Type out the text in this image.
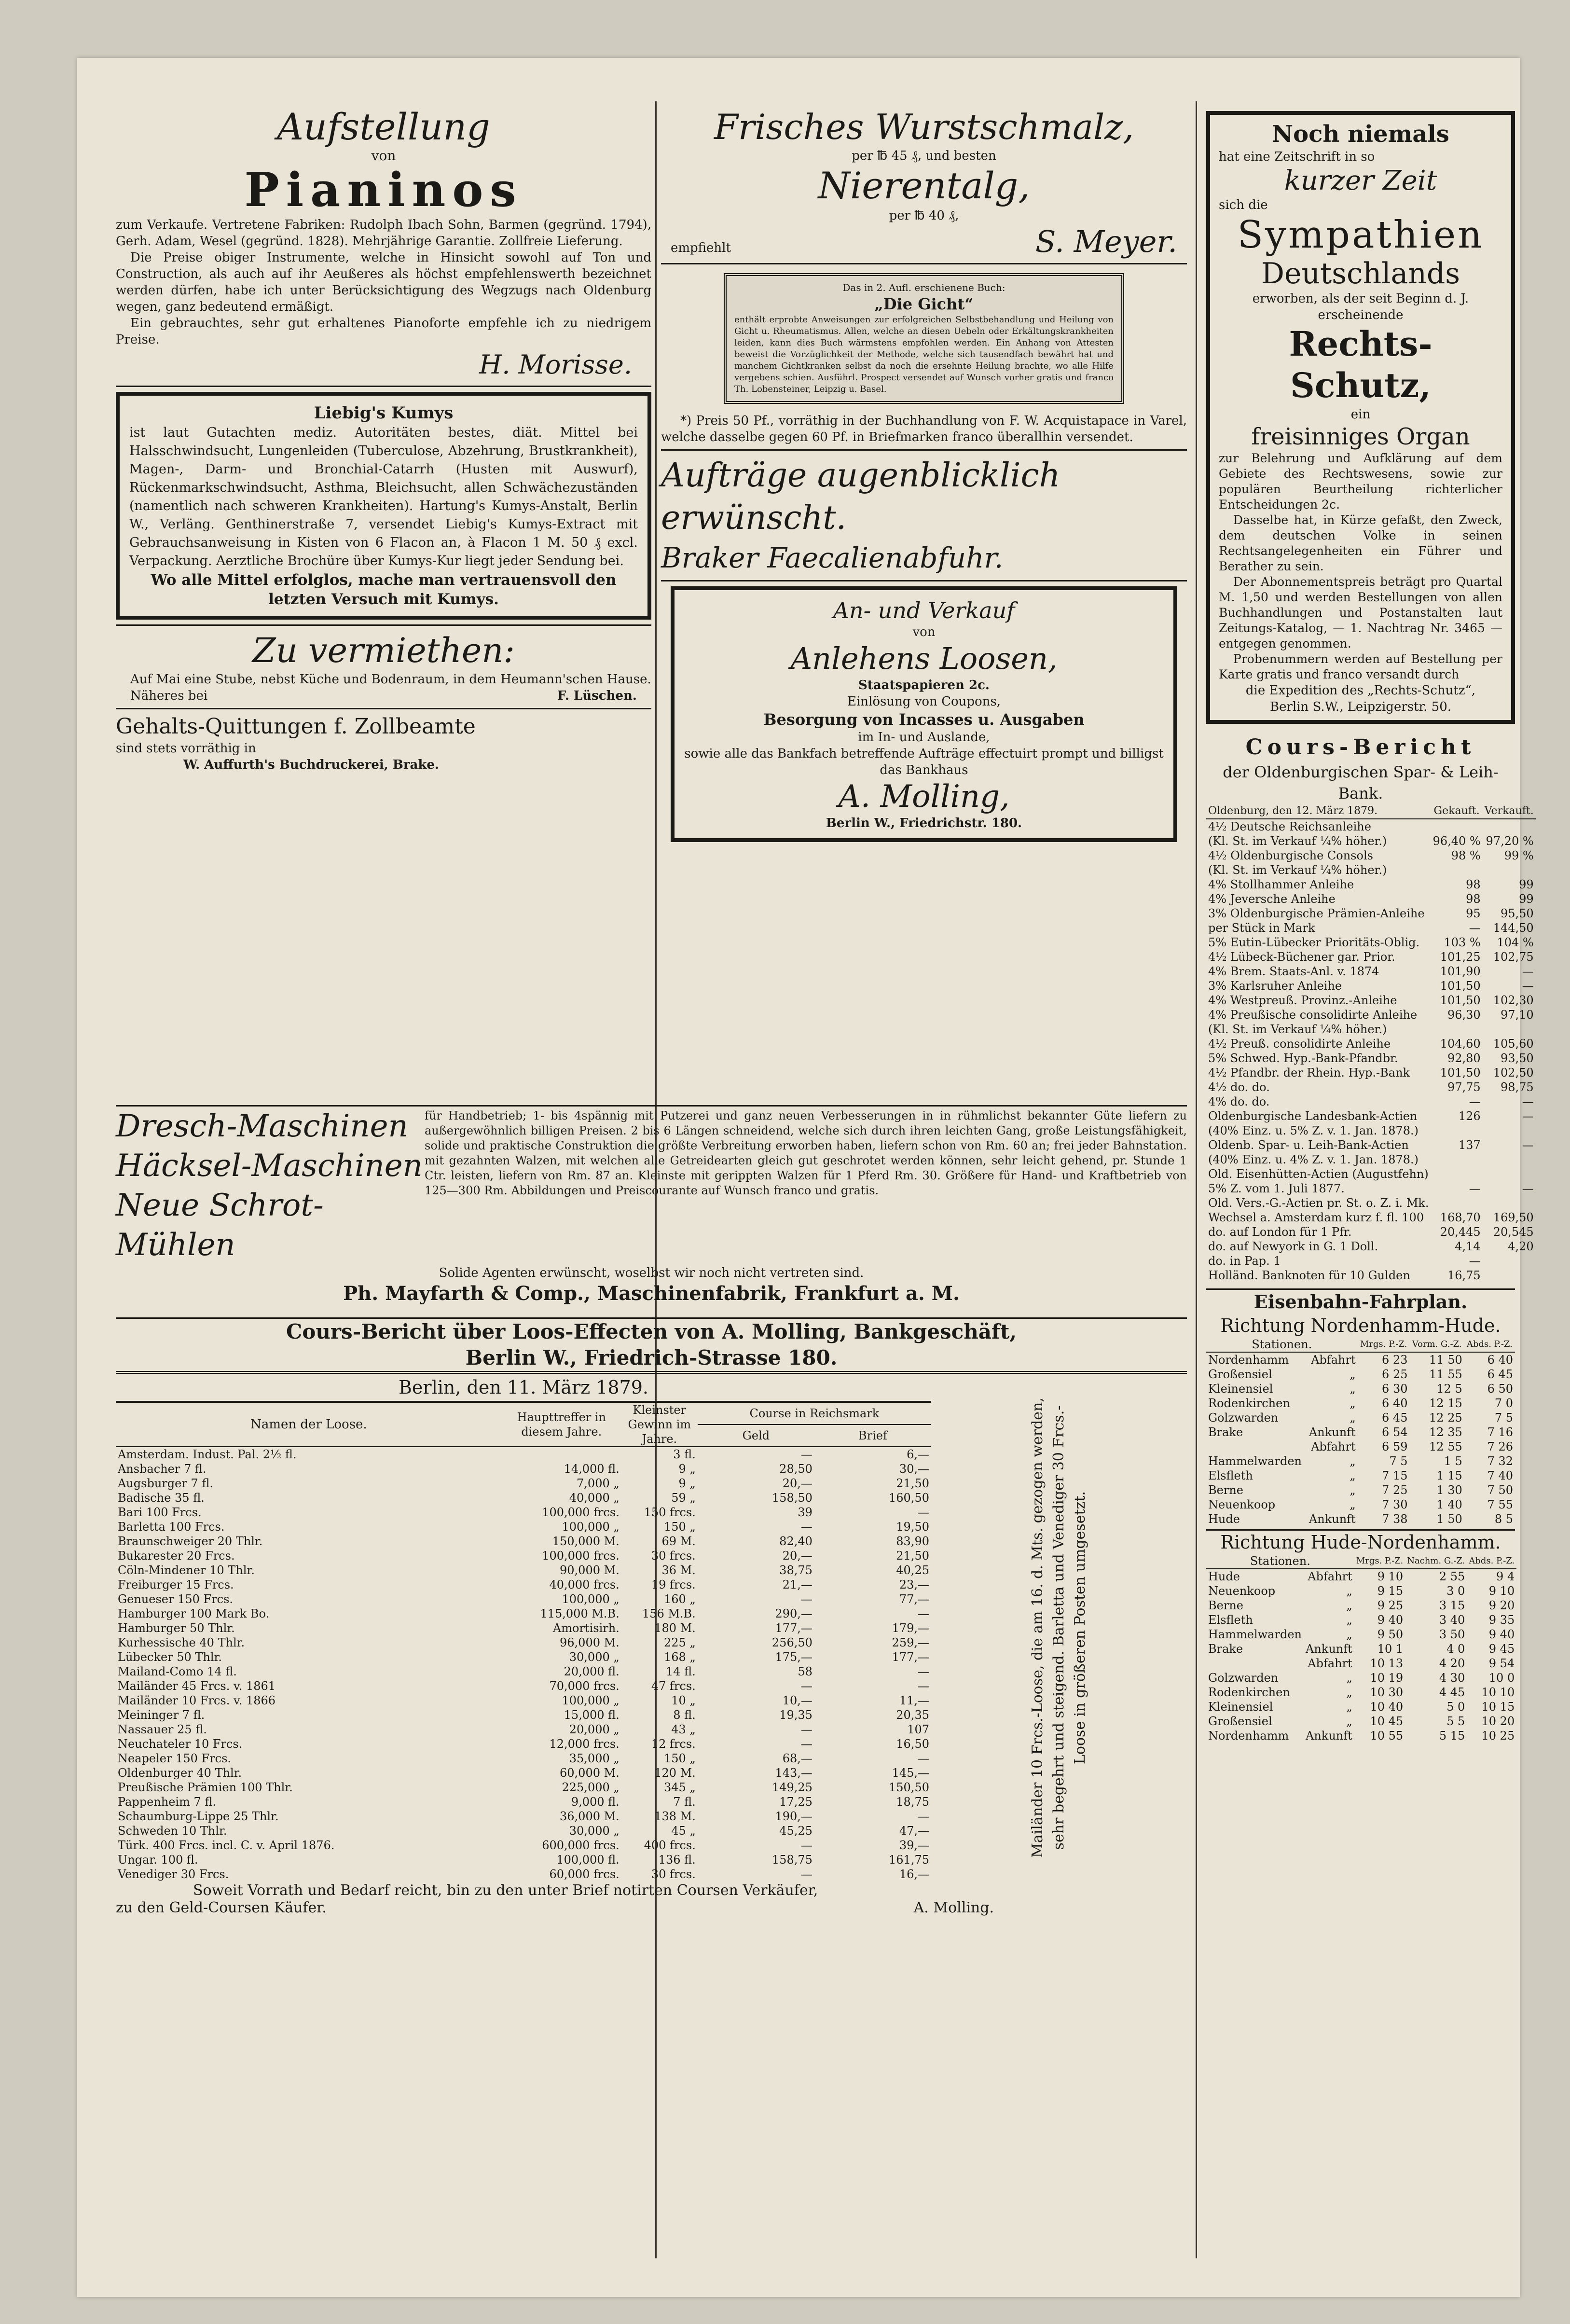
Aufstellung
von
Pianinos

zum Verkaufe. Vertretene Fabriken: Rudolph Ibach Sohn, Barmen (gegründ. 1794), Gerh. Adam, Wesel (gegründ. 1828). Mehrjährige Garantie. Zollfreie Lieferung.

Die Preise obiger Instrumente, welche in Hinsicht sowohl auf Ton und Construction, als auch auf ihr Aeußeres als höchst empfehlenswerth bezeichnet werden dürfen, habe ich unter Berücksichtigung des Wegzugs nach Oldenburg wegen, ganz bedeutend ermäßigt.

Ein gebrauchtes, sehr gut erhaltenes Pianoforte empfehle ich zu niedrigem Preise.

H. Morisse.
Liebig's Kumys

ist laut Gutachten mediz. Autoritäten bestes, diät. Mittel bei Halsschwindsucht, Lungenleiden (Tuberculose, Abzehrung, Brustkrankheit), Magen-, Darm- und Bronchial-Catarrh (Husten mit Auswurf), Rückenmarkschwindsucht, Asthma, Bleichsucht, allen Schwächezuständen (namentlich nach schweren Krankheiten). Hartung's Kumys-Anstalt, Berlin W., Verläng. Genthinerstraße 7, versendet Liebig's Kumys-Extract mit Gebrauchsanweisung in Kisten von 6 Flacon an, à Flacon 1 M. 50 ₰ excl. Verpackung. Aerztliche Brochüre über Kumys-Kur liegt jeder Sendung bei.

Wo alle Mittel erfolglos, mache man vertrauensvoll den letzten Versuch mit Kumys.

Zu vermiethen:

Auf Mai eine Stube, nebst Küche und Bodenraum, in dem Heumann'schen Hause.

Näheres bei	F. Lüschen.
Gehalts-Quittungen f. Zollbeamte

sind stets vorräthig in

W. Auffurth's Buchdruckerei, Brake.

Frisches Wurstschmalz,
per ℔ 45 ₰, und besten
Nierentalg,
per ℔ 40 ₰,
empfiehlt	S. Meyer.
Das in 2. Aufl. erschienene Buch:
„Die Gicht“

enthält erprobte Anweisungen zur erfolgreichen Selbstbehandlung und Heilung von Gicht u. Rheumatismus. Allen, welche an diesen Uebeln oder Erkältungskrankheiten leiden, kann dies Buch wärmstens empfohlen werden. Ein Anhang von Attesten beweist die Vorzüglichkeit der Methode, welche sich tausendfach bewährt hat und manchem Gichtkranken selbst da noch die ersehnte Heilung brachte, wo alle Hilfe vergebens schien. Ausführl. Prospect versendet auf Wunsch vorher gratis und franco Th. Lobensteiner, Leipzig u. Basel.

*) Preis 50 Pf., vorräthig in der Buchhandlung von F. W. Acquistapace in Varel, welche dasselbe gegen 60 Pf. in Briefmarken franco überallhin versendet.

Aufträge augenblicklich erwünscht.
Braker Faecalienabfuhr.
An- und Verkauf
von
Anlehens Loosen,
Staatspapieren 2c.
Einlösung von Coupons,
Besorgung von Incasses u. Ausgaben
im In- und Auslande,

sowie alle das Bankfach betreffende Aufträge effectuirt prompt und billigst das Bankhaus

A. Molling,
Berlin W., Friedrichstr. 180.
Noch niemals
hat eine Zeitschrift in so
kurzer Zeit
sich die
Sympathien
Deutschlands
erworben, als der seit Beginn d. J. erscheinende
Rechts-Schutz,
ein
freisinniges Organ

zur Belehrung und Aufklärung auf dem Gebiete des Rechtswesens, sowie zur populären Beurtheilung richterlicher Entscheidungen 2c.

Dasselbe hat, in Kürze gefaßt, den Zweck, dem deutschen Volke in seinen Rechtsangelegenheiten ein Führer und Berather zu sein.

Der Abonnementspreis beträgt pro Quartal M. 1,50 und werden Bestellungen von allen Buchhandlungen und Postanstalten laut Zeitungs-Katalog, — 1. Nachtrag Nr. 3465 — entgegen genommen.

Probenummern werden auf Bestellung per Karte gratis und franco versandt durch

die Expedition des „Rechts-Schutz“,
Berlin S.W., Leipzigerstr. 50.
Cours-Bericht
der Oldenburgischen Spar- & Leih-Bank.
Oldenburg, den 12. März 1879.	Gekauft.	Verkauft.
4½ Deutsche Reichsanleihe		
(Kl. St. im Verkauf ¼% höher.)	96,40 %	97,20 %
4½ Oldenburgische Consols	98 %	99 %
(Kl. St. im Verkauf ¼% höher.)		
4% Stollhammer Anleihe	98	99
4% Jeversche Anleihe	98	99
3% Oldenburgische Prämien-Anleihe	95	95,50
per Stück in Mark	—	144,50
5% Eutin-Lübecker Prioritäts-Oblig.	103 %	104 %
4½ Lübeck-Büchener gar. Prior.	101,25	102,75
4% Brem. Staats-Anl. v. 1874	101,90	—
3% Karlsruher Anleihe	101,50	—
4% Westpreuß. Provinz.-Anleihe	101,50	102,30
4% Preußische consolidirte Anleihe	96,30	97,10
(Kl. St. im Verkauf ¼% höher.)		
4½ Preuß. consolidirte Anleihe	104,60	105,60
5% Schwed. Hyp.-Bank-Pfandbr.	92,80	93,50
4½ Pfandbr. der Rhein. Hyp.-Bank	101,50	102,50
4½ do. do.	97,75	98,75
4% do. do.	—	—
Oldenburgische Landesbank-Actien	126	—
(40% Einz. u. 5% Z. v. 1. Jan. 1878.)		
Oldenb. Spar- u. Leih-Bank-Actien	137	—
(40% Einz. u. 4% Z. v. 1. Jan. 1878.)		
Old. Eisenhütten-Actien (Augustfehn)		
5% Z. vom 1. Juli 1877.	—	—
Old. Vers.-G.-Actien pr. St. o. Z. i. Mk.		
Wechsel a. Amsterdam kurz f. fl. 100	168,70	169,50
do. auf London für 1 Pfr.	20,445	20,545
do. auf Newyork in G. 1 Doll.	4,14	4,20
do. in Pap. 1	—	
Holländ. Banknoten für 10 Gulden	16,75	
Eisenbahn-Fahrplan.
Richtung Nordenhamm-Hude.
Stationen.		Mrgs. P.-Z.	Vorm. G.-Z.	Abds. P.-Z.
Nordenhamm	Abfahrt	6 23	11 50	6 40
Großensiel	„	6 25	11 55	6 45
Kleinensiel	„	6 30	12 5	6 50
Rodenkirchen	„	6 40	12 15	7 0
Golzwarden	„	6 45	12 25	7 5
Brake	Ankunft	6 54	12 35	7 16
	Abfahrt	6 59	12 55	7 26
Hammelwarden	„	7 5	1 5	7 32
Elsfleth	„	7 15	1 15	7 40
Berne	„	7 25	1 30	7 50
Neuenkoop	„	7 30	1 40	7 55
Hude	Ankunft	7 38	1 50	8 5
Richtung Hude-Nordenhamm.
Stationen.		Mrgs. P.-Z.	Nachm. G.-Z.	Abds. P.-Z.
Hude	Abfahrt	9 10	2 55	9 4
Neuenkoop	„	9 15	3 0	9 10
Berne	„	9 25	3 15	9 20
Elsfleth	„	9 40	3 40	9 35
Hammelwarden	„	9 50	3 50	9 40
Brake	Ankunft	10 1	4 0	9 45
	Abfahrt	10 13	4 20	9 54
Golzwarden	„	10 19	4 30	10 0
Rodenkirchen	„	10 30	4 45	10 10
Kleinensiel	„	10 40	5 0	10 15
Großensiel	„	10 45	5 5	10 20
Nordenhamm	Ankunft	10 55	5 15	10 25
Dresch-Maschinen
Häcksel-Maschinen
Neue Schrot-Mühlen

für Handbetrieb; 1- bis 4spännig mit Putzerei und ganz neuen Verbesserungen in in rühmlichst bekannter Güte liefern zu außergewöhnlich billigen Preisen. 2 bis 6 Längen schneidend, welche sich durch ihren leichten Gang, große Leistungsfähigkeit, solide und praktische Construktion die größte Verbreitung erworben haben, liefern schon von Rm. 60 an; frei jeder Bahnstation. mit gezahnten Walzen, mit welchen alle Getreidearten gleich gut geschrotet werden können, sehr leicht gehend, pr. Stunde 1 Ctr. leisten, liefern von Rm. 87 an. Kleinste mit gerippten Walzen für 1 Pferd Rm. 30. Größere für Hand- und Kraftbetrieb von 125—300 Rm. Abbildungen und Preiscourante auf Wunsch franco und gratis.

Solide Agenten erwünscht, woselbst wir noch nicht vertreten sind.
Ph. Mayfarth & Comp., Maschinenfabrik, Frankfurt a. M.
Cours-Bericht über Loos-Effecten von A. Molling, Bankgeschäft,
Berlin W., Friedrich-Strasse 180.
Berlin, den 11. März 1879.
Namen der Loose.	Haupttreffer in diesem Jahre.	Kleinster Gewinn im Jahre.	Course in Reichsmark	
			Geld	Brief
Amsterdam. Indust. Pal. 2½ fl.		3 fl.	—	6,—
Ansbacher 7 fl.	14,000 fl.	9 „	28,50	30,—
Augsburger 7 fl.	7,000 „	9 „	20,—	21,50
Badische 35 fl.	40,000 „	59 „	158,50	160,50
Bari 100 Frcs.	100,000 frcs.	150 frcs.	39	—
Barletta 100 Frcs.	100,000 „	150 „	—	19,50
Braunschweiger 20 Thlr.	150,000 M.	69 M.	82,40	83,90
Bukarester 20 Frcs.	100,000 frcs.	30 frcs.	20,—	21,50
Cöln-Mindener 10 Thlr.	90,000 M.	36 M.	38,75	40,25
Freiburger 15 Frcs.	40,000 frcs.	19 frcs.	21,—	23,—
Genueser 150 Frcs.	100,000 „	160 „	—	77,—
Hamburger 100 Mark Bo.	115,000 M.B.	156 M.B.	290,—	—
Hamburger 50 Thlr.	Amortisirh.	180 M.	177,—	179,—
Kurhessische 40 Thlr.	96,000 M.	225 „	256,50	259,—
Lübecker 50 Thlr.	30,000 „	168 „	175,—	177,—
Mailand-Como 14 fl.	20,000 fl.	14 fl.	58	—
Mailänder 45 Frcs. v. 1861	70,000 frcs.	47 frcs.	—	—
Mailänder 10 Frcs. v. 1866	100,000 „	10 „	10,—	11,—
Meininger 7 fl.	15,000 fl.	8 fl.	19,35	20,35
Nassauer 25 fl.	20,000 „	43 „	—	107
Neuchateler 10 Frcs.	12,000 frcs.	12 frcs.	—	16,50
Neapeler 150 Frcs.	35,000 „	150 „	68,—	—
Oldenburger 40 Thlr.	60,000 M.	120 M.	143,—	145,—
Preußische Prämien 100 Thlr.	225,000 „	345 „	149,25	150,50
Pappenheim 7 fl.	9,000 fl.	7 fl.	17,25	18,75
Schaumburg-Lippe 25 Thlr.	36,000 M.	138 M.	190,—	—
Schweden 10 Thlr.	30,000 „	45 „	45,25	47,—
Türk. 400 Frcs. incl. C. v. April 1876.	600,000 frcs.	400 frcs.	—	39,—
Ungar. 100 fl.	100,000 fl.	136 fl.	158,75	161,75
Venediger 30 Frcs.	60,000 frcs.	30 frcs.	—	16,—
Mailänder 10 Frcs.-Loose, die am 16. d. Mts. gezogen werden, sehr begehrt und steigend. Barletta und Venediger 30 Frcs.-Loose in größeren Posten umgesetzt.

Soweit Vorrath und Bedarf reicht, bin zu den unter Brief notirten Coursen Verkäufer,

zu den Geld-Coursen Käufer.	A. Molling.
